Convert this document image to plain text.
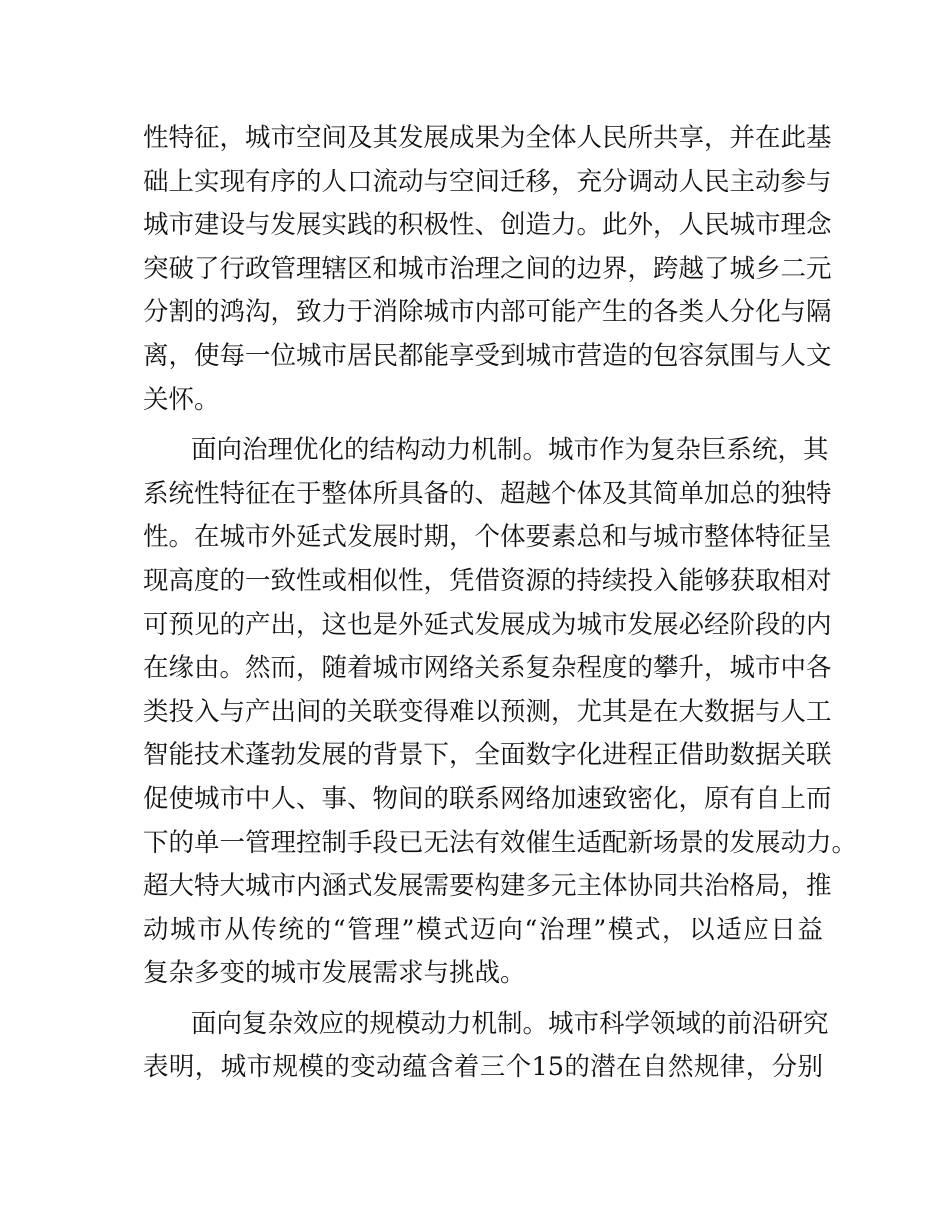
性特征，城市空间及其发展成果为全体人民所共享，并在此基
础上实现有序的人口流动与空间迁移，充分调动人民主动参与
城市建设与发展实践的积极性、创造力。此外，人民城市理念
突破了行政管理辖区和城市治理之间的边界，跨越了城乡二元
分割的鸿沟，致力于消除城市内部可能产生的各类人分化与隔
离，使每一位城市居民都能享受到城市营造的包容氛围与人文
关怀。
面向治理优化的结构动力机制。城市作为复杂巨系统，其
系统性特征在于整体所具备的、超越个体及其简单加总的独特
性。在城市外延式发展时期，个体要素总和与城市整体特征呈
现高度的一致性或相似性，凭借资源的持续投入能够获取相对
可预见的产出，这也是外延式发展成为城市发展必经阶段的内
在缘由。然而，随着城市网络关系复杂程度的攀升，城市中各
类投入与产出间的关联变得难以预测，尤其是在大数据与人工
智能技术蓬勃发展的背景下，全面数字化进程正借助数据关联
促使城市中人、事、物间的联系网络加速致密化，原有自上而
下的单一管理控制手段已无法有效催生适配新场景的发展动力。
超大特大城市内涵式发展需要构建多元主体协同共治格局，推
动城市从传统的“管理”模式迈向“治理”模式，以适应日益
复杂多变的城市发展需求与挑战。
面向复杂效应的规模动力机制。城市科学领域的前沿研究
表明，城市规模的变动蕴含着三个15的潜在自然规律，分别
